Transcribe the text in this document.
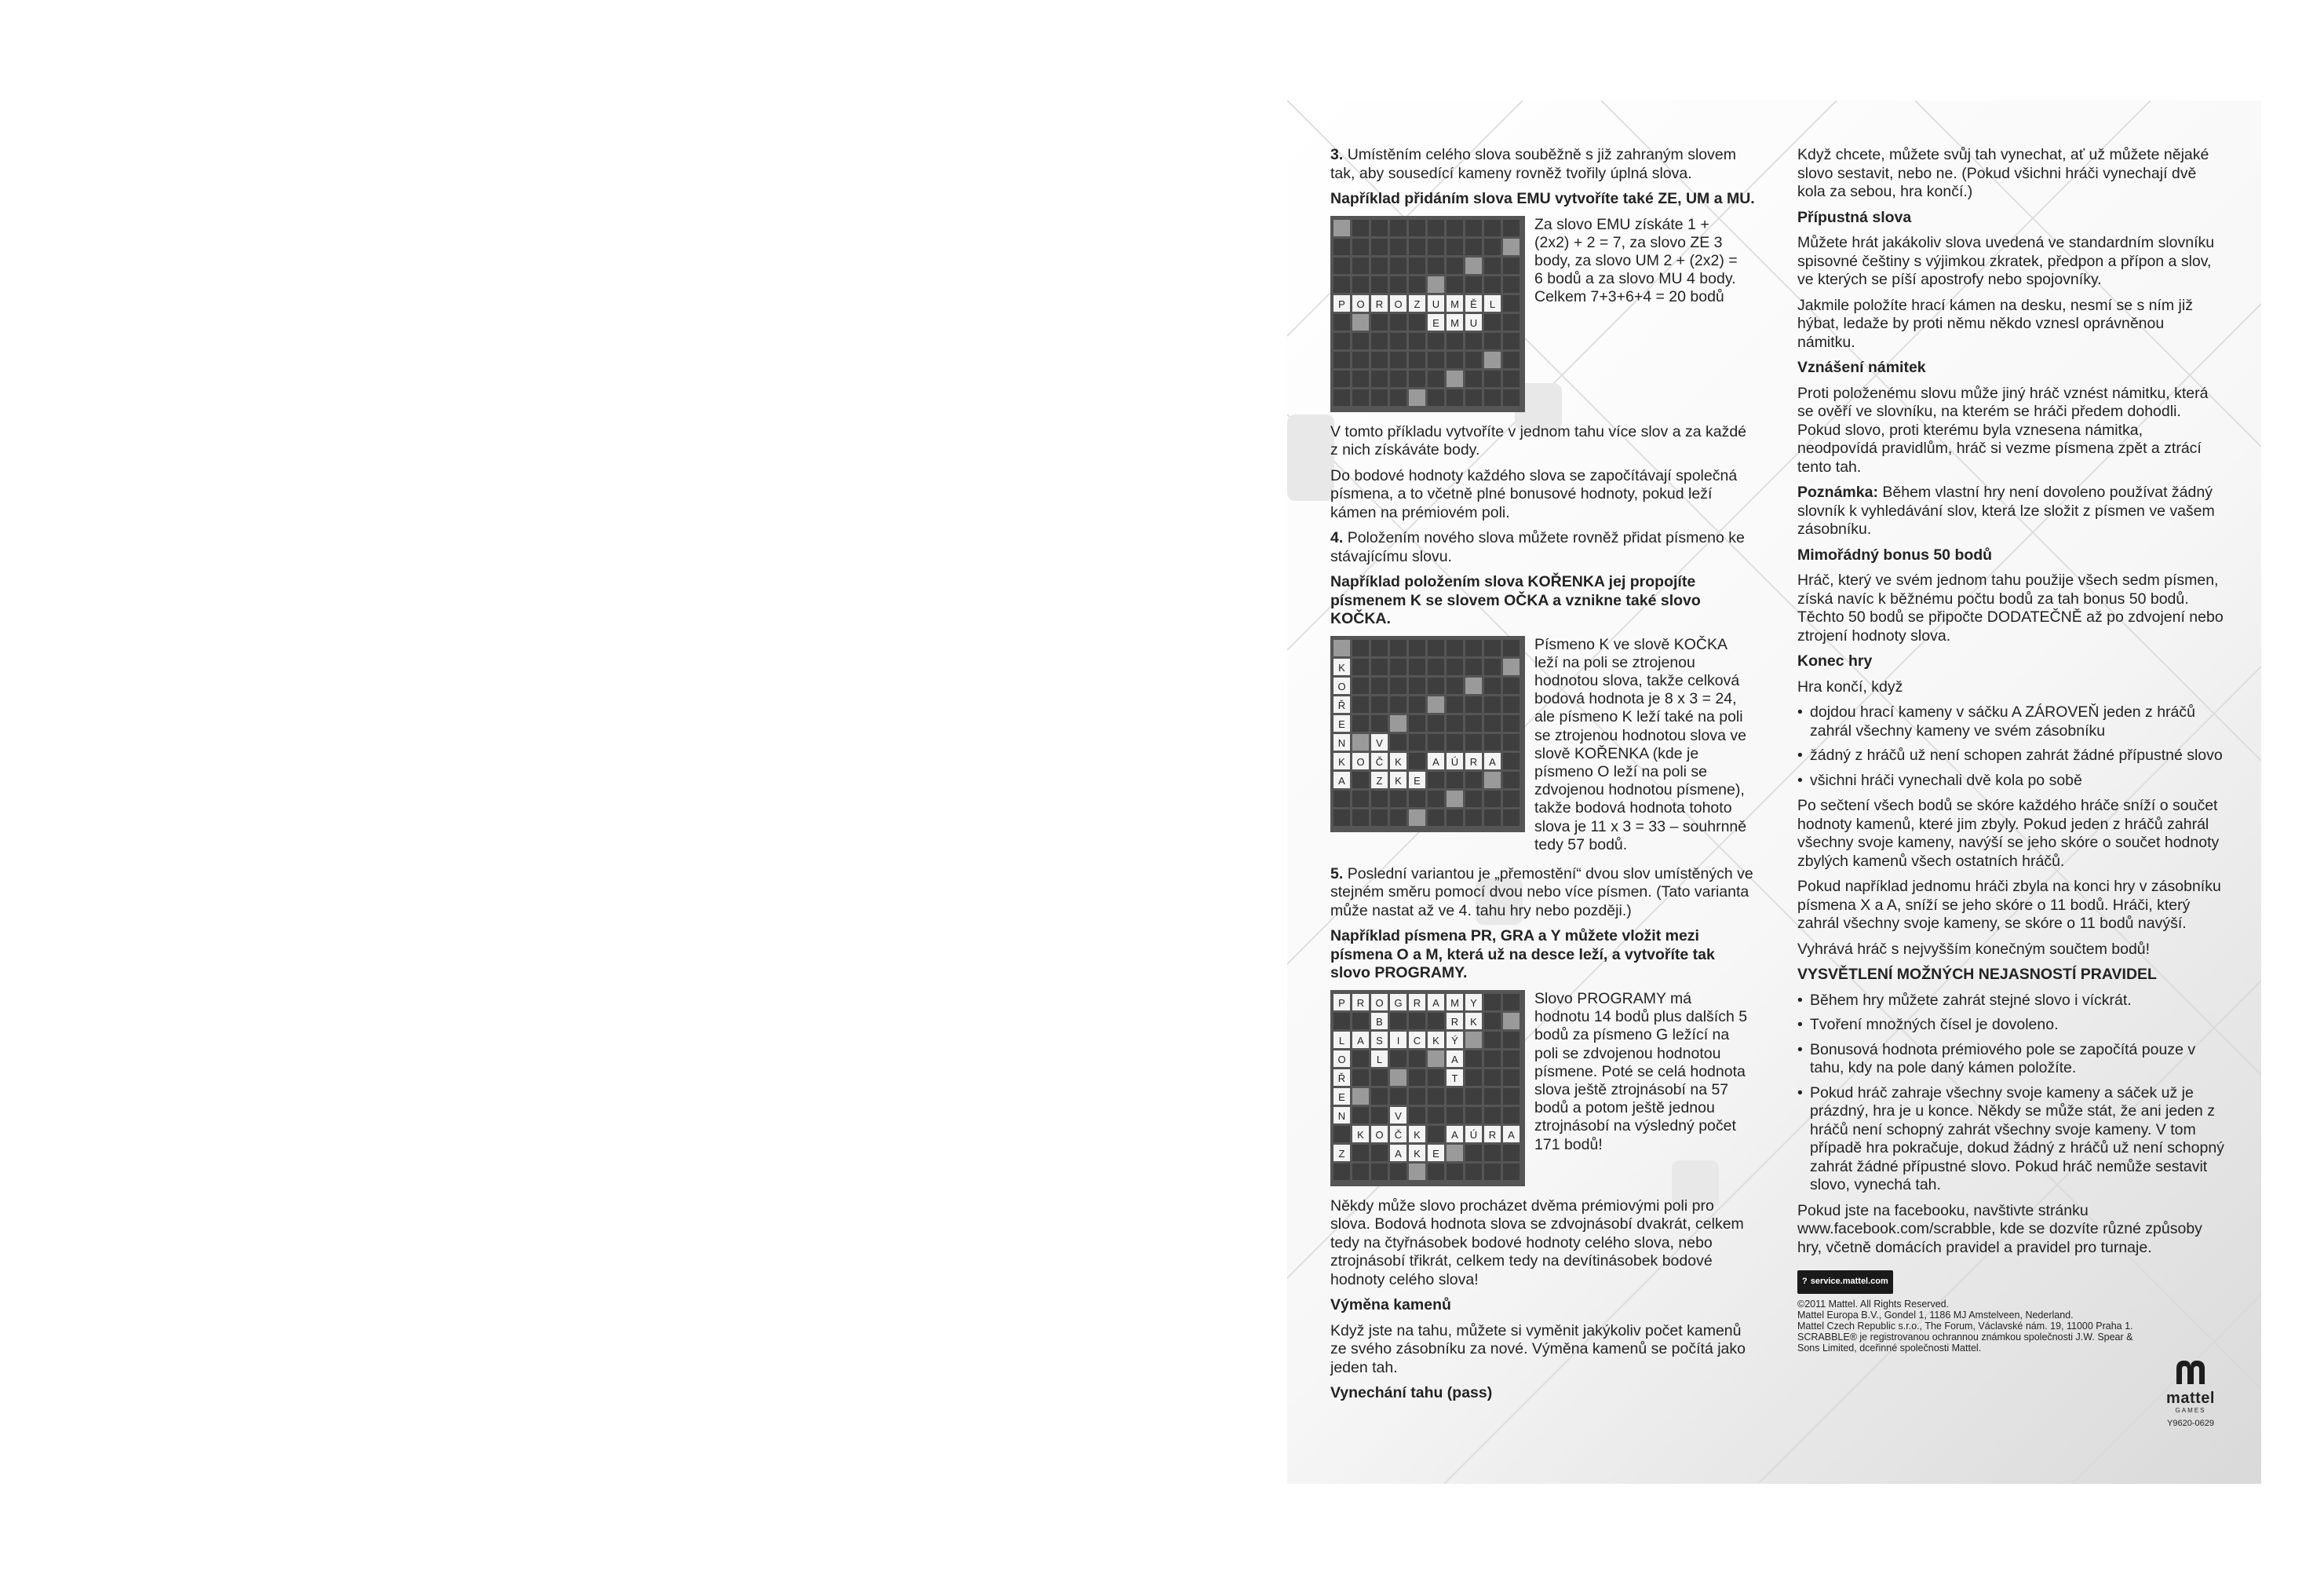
3. Umístěním celého slova souběžně s již zahraným slovem tak, aby sousedící kameny rovněž tvořily úplná slova.

Například přidáním slova EMU vytvoříte také ZE, UM a MU.

P O R O Z U M Ě L
E M U

Za slovo EMU získáte 1 + (2x2) + 2 = 7, za slovo ZE 3 body, za slovo UM 2 + (2x2) = 6 bodů a za slovo MU 4 body. Celkem 7+3+6+4 = 20 bodů

V tomto příkladu vytvoříte v jednom tahu více slov a za každé z nich získáváte body.

Do bodové hodnoty každého slova se započítávají společná písmena, a to včetně plné bonusové hodnoty, pokud leží kámen na prémiovém poli.

4. Položením nového slova můžete rovněž přidat písmeno ke stávajícímu slovu.

Například položením slova KOŘENKA jej propojíte písmenem K se slovem OČKA a vznikne také slovo KOČKA.

K
O
Ř
E
N
K
A
V
O Č K	A Ú R A
Z K E

Písmeno K ve slově KOČKA leží na poli se ztrojenou hodnotou slova, takže celková bodová hodnota je 8 x 3 = 24, ale písmeno K leží také na poli se ztrojenou hodnotou slova ve slově KOŘENKA (kde je písmeno O leží na poli se zdvojenou hodnotou písmene), takže bodová hodnota tohoto slova je 11 x 3 = 33 – souhrnně tedy 57 bodů.

5. Poslední variantou je „přemostění“ dvou slov umístěných ve stejném směru pomocí dvou nebo více písmen. (Tato varianta může nastat až ve 4. tahu hry nebo později.)

Například písmena PR, GRA a Y můžete vložit mezi písmena O a M, která už na desce leží, a vytvoříte tak slovo PROGRAMY.

P R O G R A M Y
B	R K
L A S I C K Ý
O	L	A
Ř	T
E
N	V
K O Č K	A Ú R A
Z	A K E

Slovo PROGRAMY má hodnotu 14 bodů plus dalších 5 bodů za písmeno G ležící na poli se zdvojenou hodnotou písmene. Poté se celá hodnota slova ještě ztrojnásobí na 57 bodů a potom ještě jednou ztrojnásobí na výsledný počet 171 bodů!

Někdy může slovo procházet dvěma prémiovými poli pro slova. Bodová hodnota slova se zdvojnásobí dvakrát, celkem tedy na čtyřnásobek bodové hodnoty celého slova, nebo ztrojnásobí třikrát, celkem tedy na devítinásobek bodové hodnoty celého slova!

Výměna kamenů

Když jste na tahu, můžete si vyměnit jakýkoliv počet kamenů ze svého zásobníku za nové. Výměna kamenů se počítá jako jeden tah.

Vynechání tahu (pass)

Když chcete, můžete svůj tah vynechat, ať už můžete nějaké slovo sestavit, nebo ne. (Pokud všichni hráči vynechají dvě kola za sebou, hra končí.)

Přípustná slova

Můžete hrát jakákoliv slova uvedená ve standardním slovníku spisovné češtiny s výjimkou zkratek, předpon a přípon a slov, ve kterých se píší apostrofy nebo spojovníky.

Jakmile položíte hrací kámen na desku, nesmí se s ním již hýbat, ledaže by proti němu někdo vznesl oprávněnou námitku.

Vznášení námitek

Proti položenému slovu může jiný hráč vznést námitku, která se ověří ve slovníku, na kterém se hráči předem dohodli. Pokud slovo, proti kterému byla vznesena námitka, neodpovídá pravidlům, hráč si vezme písmena zpět a ztrácí tento tah.

Poznámka: Během vlastní hry není dovoleno používat žádný slovník k vyhledávání slov, která lze složit z písmen ve vašem zásobníku.

Mimořádný bonus 50 bodů

Hráč, který ve svém jednom tahu použije všech sedm písmen, získá navíc k běžnému počtu bodů za tah bonus 50 bodů. Těchto 50 bodů se připočte DODATEČNĚ až po zdvojení nebo ztrojení hodnoty slova.

Konec hry

Hra končí, když

• dojdou hrací kameny v sáčku A ZÁROVEŇ jeden z hráčů zahrál všechny kameny ve svém zásobníku
• žádný z hráčů už není schopen zahrát žádné přípustné slovo
• všichni hráči vynechali dvě kola po sobě

Po sečtení všech bodů se skóre každého hráče sníží o součet hodnoty kamenů, které jim zbyly. Pokud jeden z hráčů zahrál všechny svoje kameny, navýší se jeho skóre o součet hodnoty zbylých kamenů všech ostatních hráčů.

Pokud například jednomu hráči zbyla na konci hry v zásobníku písmena X a A, sníží se jeho skóre o 11 bodů. Hráči, který zahrál všechny svoje kameny, se skóre o 11 bodů navýší.

Vyhrává hráč s nejvyšším konečným součtem bodů!

VYSVĚTLENÍ MOŽNÝCH NEJASNOSTÍ PRAVIDEL

• Během hry můžete zahrát stejné slovo i víckrát.
• Tvoření množných čísel je dovoleno.
• Bonusová hodnota prémiového pole se započítá pouze v tahu, kdy na pole daný kámen položíte.
• Pokud hráč zahraje všechny svoje kameny a sáček už je prázdný, hra je u konce. Někdy se může stát, že ani jeden z hráčů není schopný zahrát všechny svoje kameny. V tom případě hra pokračuje, dokud žádný z hráčů už není schopný zahrát žádné přípustné slovo. Pokud hráč nemůže sestavit slovo, vynechá tah.

Pokud jste na facebooku, navštivte stránku www.facebook.com/scrabble, kde se dozvíte různé způsoby hry, včetně domácích pravidel a pravidel pro turnaje.

? service.mattel.com

©2011 Mattel. All Rights Reserved.

Mattel Europa B.V., Gondel 1, 1186 MJ Amstelveen, Nederland.

Mattel Czech Republic s.r.o., The Forum, Václavské nám. 19, 11000 Praha 1.

SCRABBLE® je registrovanou ochrannou známkou společnosti J.W. Spear & Sons Limited, dceřinné společnosti Mattel.

mattel
GAMES
Y9620-0629
